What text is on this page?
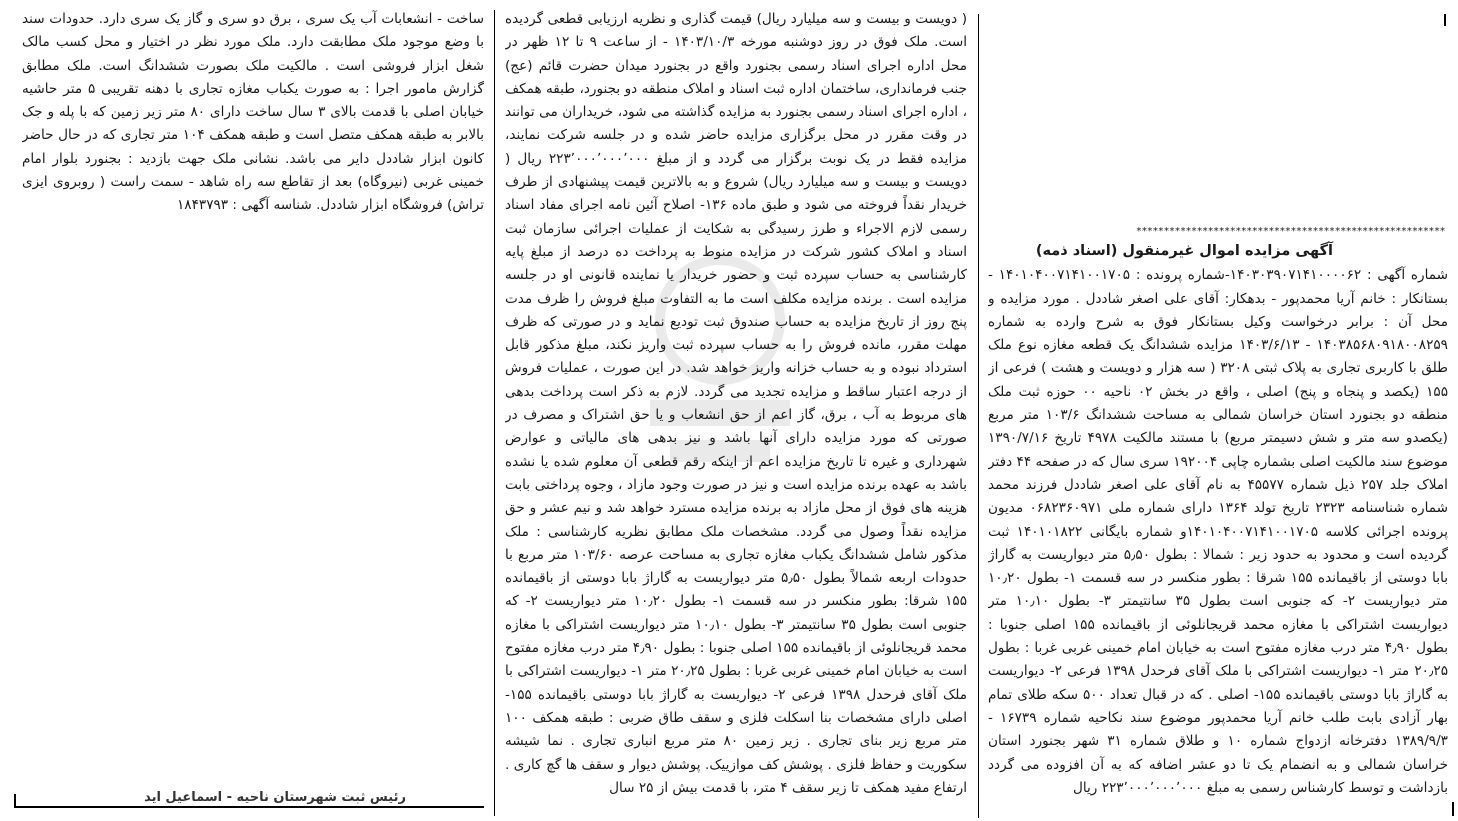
********************************************************
آگهی مزایده اموال غیرمنقول (اسناد ذمه)
شماره آگهی : ۱۴۰۳۰۳۹۰۷۱۴۱۰۰۰۰۶۲-شماره پرونده : ۱۴۰۱۰۴۰۰۷۱۴۱۰۰۱۷۰۵ - بستانکار : خانم آریا محمدپور - بدهکار: آقای علی اصغر شاددل . مورد مزایده و محل آن : برابر درخواست وکیل بستانکار فوق به شرح وارده به شماره ۱۴۰۳۸۵۶۸۰۹۱۸۰۰۸۲۵۹ - ۱۴۰۳/۶/۱۳ مزایده ششدانگ یک قطعه مغازه نوع ملک طلق با کاربری تجاری به پلاک ثبتی ۳۲۰۸ ( سه هزار و دویست و هشت ) فرعی از ۱۵۵ (یکصد و پنجاه و پنج) اصلی ، واقع در بخش ۰۲ ناحیه ۰۰ حوزه ثبت ملک منطقه دو بجنورد استان خراسان شمالی به مساحت ششدانگ ۱۰۳/۶ متر مربع (یکصدو سه متر و شش دسیمتر مربع) با مستند مالکیت ۴۹۷۸ تاریخ ۱۳۹۰/۷/۱۶ موضوع سند مالکیت اصلی بشماره چاپی ۱۹۲۰۰۴ سری سال که در صفحه ۴۴ دفتر املاک جلد ۲۵۷ ذیل شماره ۴۵۵۷۷ به نام آقای علی اصغر شاددل فرزند محمد شماره شناسنامه ۲۳۲۳ تاریخ تولد ۱۳۶۴ دارای شماره ملی ۰۶۸۲۳۶۰۹۷۱ مدیون پرونده اجرائی کلاسه ۱۴۰۱۰۴۰۰۷۱۴۱۰۰۱۷۰۵و شماره بایگانی ۱۴۰۱۰۱۸۲۲ ثبت گردیده است و محدود به حدود زیر : شمالا : بطول ۵٫۵۰ متر دیواریست به گاراژ بابا دوستی از باقیمانده ۱۵۵ شرقا : بطور منکسر در سه قسمت ۱- بطول ۱۰٫۲۰ متر دیواریست ۲- که جنوبی است بطول ۳۵ سانتیمتر ۳- بطول ۱۰٫۱۰ متر دیواریست اشتراکی با مغازه محمد قریجانلوئی از باقیمانده ۱۵۵ اصلی جنوبا : بطول ۴٫۹۰ متر درب مغازه مفتوح است به خیابان امام خمینی غربی غربا : بطول ۲۰٫۲۵ متر ۱- دیواریست اشتراکی با ملک آقای فرحدل ۱۳۹۸ فرعی ۲- دیواریست به گاراژ بابا دوستی باقیمانده ۱۵۵- اصلی . که در قبال تعداد ۵۰۰ سکه طلای تمام بهار آزادی بابت طلب خانم آریا محمدپور موضوع سند نکاحیه شماره ۱۶۷۳۹ - ۱۳۸۹/۹/۳ دفترخانه ازدواج شماره ۱۰ و طلاق شماره ۳۱ شهر بجنورد استان خراسان شمالی و به انضمام یک تا دو عشر اضافه که به آن افزوده می گردد بازداشت و توسط کارشناس رسمی به مبلغ ۲۲۳٬۰۰۰٬۰۰۰٬۰۰۰ ریال
( دویست و بیست و سه میلیارد ریال) قیمت گذاری و نظریه ارزیابی قطعی گردیده است. ملک فوق در روز دوشنبه مورخه ۱۴۰۳/۱۰/۳ - از ساعت ۹ تا ۱۲ ظهر در محل اداره اجرای اسناد رسمی بجنورد واقع در بجنورد میدان حضرت قائم (عج) جنب فرمانداری، ساختمان اداره ثبت اسناد و املاک منطقه دو بجنورد، طبقه همکف ، اداره اجرای اسناد رسمی بجنورد به مزایده گذاشته می شود، خریداران می توانند در وقت مقرر در محل برگزاری مزایده حاضر شده و در جلسه شرکت نمایند، مزایده فقط در یک نوبت برگزار می گردد و از مبلغ ۲۲۳٬۰۰۰٬۰۰۰٬۰۰۰ ریال ( دویست و بیست و سه میلیارد ریال) شروع و به بالاترین قیمت پیشنهادی از طرف خریدار نقداً فروخته می شود و طبق ماده ۱۳۶- اصلاح آئین نامه اجرای مفاد اسناد رسمی لازم الاجراء و طرز رسیدگی به شکایت از عملیات اجرائی سازمان ثبت اسناد و املاک کشور شرکت در مزایده منوط به پرداخت ده درصد از مبلغ پایه کارشناسی به حساب سپرده ثبت و حضور خریدار یا نماینده قانونی او در جلسه مزایده است . برنده مزایده مکلف است ما به التفاوت مبلغ فروش را ظرف مدت پنج روز از تاریخ مزایده به حساب صندوق ثبت تودیع نماید و در صورتی که ظرف مهلت مقرر، مانده فروش را به حساب سپرده ثبت واریز نکند، مبلغ مذکور قابل استرداد نبوده و به حساب خزانه واریز خواهد شد. در این صورت ، عملیات فروش از درجه اعتبار ساقط و مزایده تجدید می گردد. لازم به ذکر است پرداخت بدهی های مربوط به آب ، برق، گاز اعم از حق انشعاب و یا حق اشتراک و مصرف در صورتی که مورد مزایده دارای آنها باشد و نیز بدهی های مالیاتی و عوارض شهرداری و غیره تا تاریخ مزایده اعم از اینکه رقم قطعی آن معلوم شده یا نشده باشد به عهده برنده مزایده است و نیز در صورت وجود مازاد ، وجوه پرداختی بابت هزینه های فوق از محل مازاد به برنده مزایده مسترد خواهد شد و نیم عشر و حق مزایده نقداً وصول می گردد. مشخصات ملک مطابق نظریه کارشناسی : ملک مذکور شامل ششدانگ یکباب مغازه تجاری به مساحت عرصه ۱۰۳/۶۰ متر مربع با حدودات اربعه شمالاً بطول ۵٫۵۰ متر دیواریست به گاراژ بابا دوستی از باقیمانده ۱۵۵ شرقا: بطور منکسر در سه قسمت ۱- بطول ۱۰٫۲۰ متر دیواریست ۲- که جنوبی است بطول ۳۵ سانتیمتر ۳- بطول ۱۰٫۱۰ متر دیواریست اشتراکی با مغازه محمد قریجانلوئی از باقیمانده ۱۵۵ اصلی جنوبا : بطول ۴٫۹۰ متر درب مغازه مفتوح است به خیابان امام خمینی غربی غربا : بطول ۲۰٫۲۵ متر ۱- دیواریست اشتراکی با ملک آقای فرحدل ۱۳۹۸ فرعی ۲- دیواریست به گاراژ بابا دوستی باقیمانده ۱۵۵- اصلی دارای مشخصات بنا اسکلت فلزی و سقف طاق ضربی : طبقه همکف ۱۰۰ متر مربع زیر بنای تجاری . زیر زمین ۸۰ متر مربع انباری تجاری . نما شیشه سکوریت و حفاظ فلزی . پوشش کف موازییک. پوشش دیوار و سقف ها گچ کاری . ارتفاع مفید همکف تا زیر سقف ۴ متر، با قدمت بیش از ۲۵ سال
ساخت - انشعابات آب یک سری ، برق دو سری و گاز یک سری دارد. حدودات سند با وضع موجود ملک مطابقت دارد. ملک مورد نظر در اختیار و محل کسب مالک شغل ابزار فروشی است . مالکیت ملک بصورت ششدانگ است. ملک مطابق گزارش مامور اجرا : به صورت یکباب مغازه تجاری با دهنه تقریبی ۵ متر حاشیه خیابان اصلی با قدمت بالای ۳ سال ساخت دارای ۸۰ متر زیر زمین که با پله و جک بالابر به طبقه همکف متصل است و طبقه همکف ۱۰۴ متر تجاری که در حال حاضر کانون ابزار شاددل دایر می باشد. نشانی ملک جهت بازدید : بجنورد بلوار امام خمینی غربی (نیروگاه) بعد از تقاطع سه راه شاهد - سمت راست ( روبروی ایزی تراش) فروشگاه ابزار شاددل. شناسه آگهی : ۱۸۴۳۷۹۳
رئیس ثبت شهرستان ناحیه - اسماعیل اید
